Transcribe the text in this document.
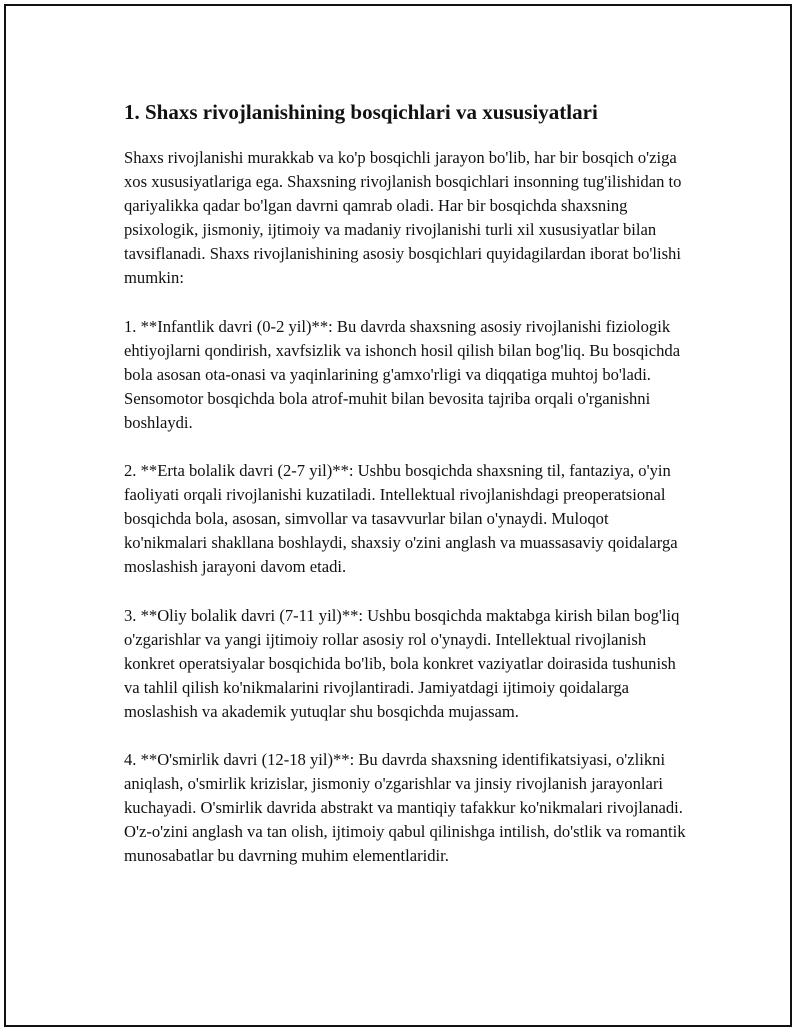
1. Shaxs rivojlanishining bosqichlari va xususiyatlari

Shaxs rivojlanishi murakkab va ko'p bosqichli jarayon bo'lib, har bir bosqich o'ziga xos xususiyatlariga ega. Shaxsning rivojlanish bosqichlari insonning tug'ilishidan to qariyalikka qadar bo'lgan davrni qamrab oladi. Har bir bosqichda shaxsning psixologik, jismoniy, ijtimoiy va madaniy rivojlanishi turli xil xususiyatlar bilan tavsiflanadi. Shaxs rivojlanishining asosiy bosqichlari quyidagilardan iborat bo'lishi mumkin:

1. **Infantlik davri (0-2 yil)**: Bu davrda shaxsning asosiy rivojlanishi fiziologik ehtiyojlarni qondirish, xavfsizlik va ishonch hosil qilish bilan bog'liq. Bu bosqichda bola asosan ota-onasi va yaqinlarining g'amxo'rligi va diqqatiga muhtoj bo'ladi. Sensomotor bosqichda bola atrof-muhit bilan bevosita tajriba orqali o'rganishni boshlaydi.

2. **Erta bolalik davri (2-7 yil)**: Ushbu bosqichda shaxsning til, fantaziya, o'yin faoliyati orqali rivojlanishi kuzatiladi. Intellektual rivojlanishdagi preoperatsional bosqichda bola, asosan, simvollar va tasavvurlar bilan o'ynaydi. Muloqot ko'nikmalari shakllana boshlaydi, shaxsiy o'zini anglash va muassasaviy qoidalarga moslashish jarayoni davom etadi.

3. **Oliy bolalik davri (7-11 yil)**: Ushbu bosqichda maktabga kirish bilan bog'liq o'zgarishlar va yangi ijtimoiy rollar asosiy rol o'ynaydi. Intellektual rivojlanish konkret operatsiyalar bosqichida bo'lib, bola konkret vaziyatlar doirasida tushunish va tahlil qilish ko'nikmalarini rivojlantiradi. Jamiyatdagi ijtimoiy qoidalarga moslashish va akademik yutuqlar shu bosqichda mujassam.

4. **O'smirlik davri (12-18 yil)**: Bu davrda shaxsning identifikatsiyasi, o'zlikni aniqlash, o'smirlik krizislar, jismoniy o'zgarishlar va jinsiy rivojlanish jarayonlari kuchayadi. O'smirlik davrida abstrakt va mantiqiy tafakkur ko'nikmalari rivojlanadi. O'z-o'zini anglash va tan olish, ijtimoiy qabul qilinishga intilish, do'stlik va romantik munosabatlar bu davrning muhim elementlaridir.
